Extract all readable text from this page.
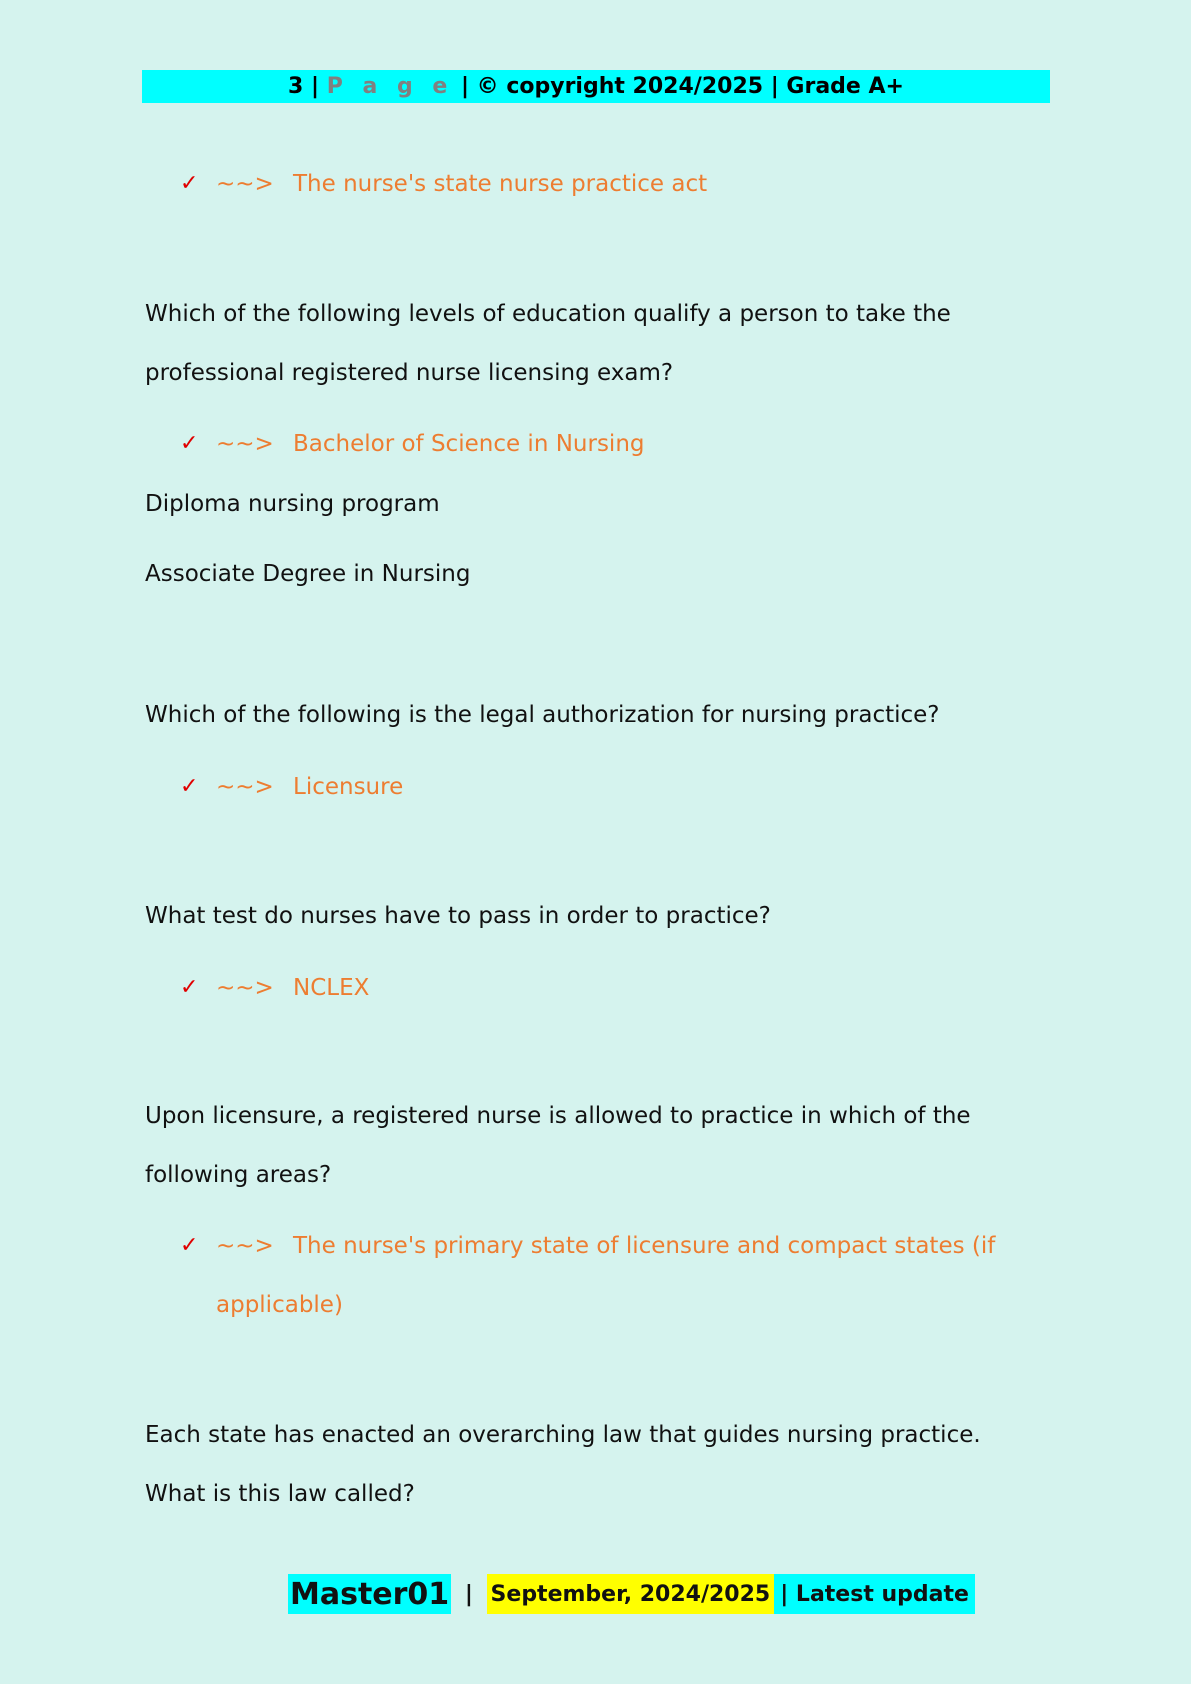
3 | P a g e | © copyright 2024/2025 | Grade A+
✓ ~~> The nurse's state nurse practice act
Which of the following levels of education qualify a person to take the
professional registered nurse licensing exam?
✓ ~~> Bachelor of Science in Nursing
Diploma nursing program
Associate Degree in Nursing
Which of the following is the legal authorization for nursing practice?
✓ ~~> Licensure
What test do nurses have to pass in order to practice?
✓ ~~> NCLEX
Upon licensure, a registered nurse is allowed to practice in which of the
following areas?
✓ ~~> The nurse's primary state of licensure and compact states (if
applicable)
Each state has enacted an overarching law that guides nursing practice.
What is this law called?
Master01 | September, 2024/2025 | Latest update
